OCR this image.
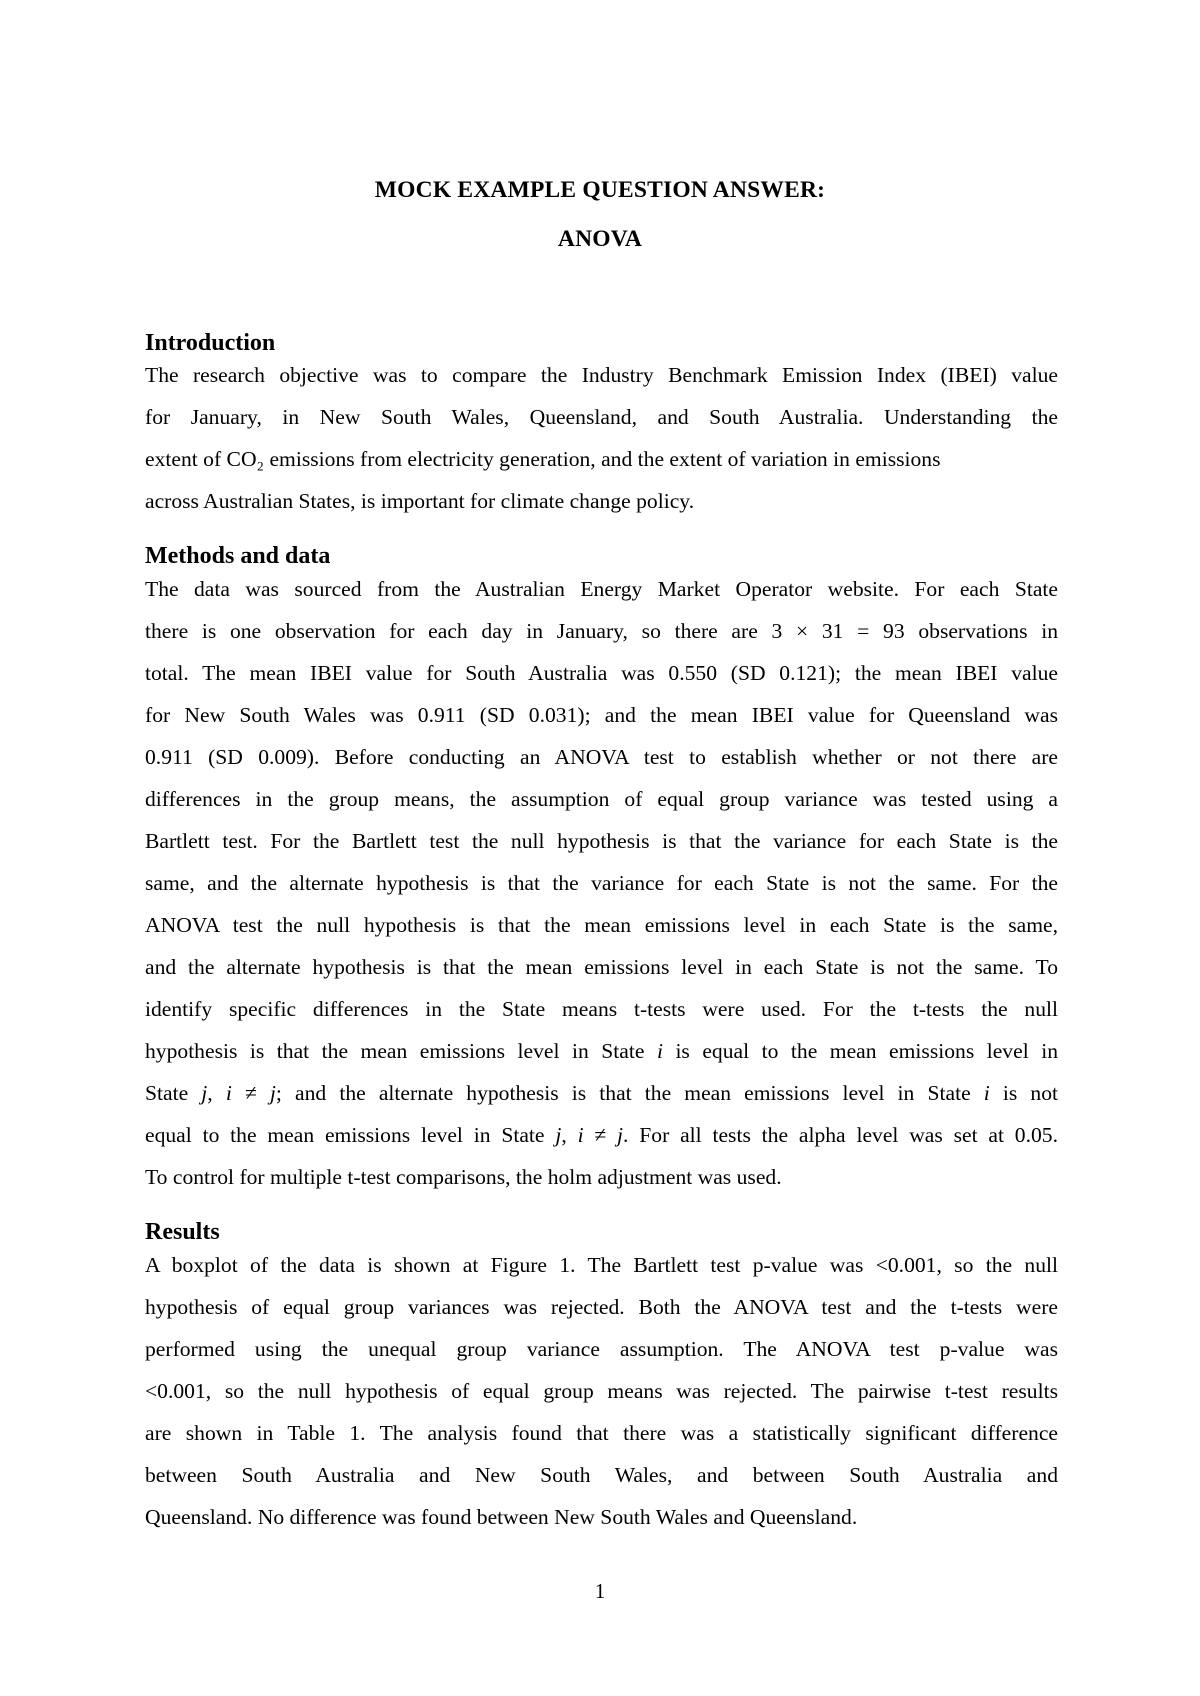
MOCK EXAMPLE QUESTION ANSWER:
ANOVA
Introduction
The research objective was to compare the Industry Benchmark Emission Index (IBEI) value
for January, in New South Wales, Queensland, and South Australia. Understanding the
extent of CO₂ emissions from electricity generation, and the extent of variation in emissions
across Australian States, is important for climate change policy.
Methods and data
The data was sourced from the Australian Energy Market Operator website. For each State
there is one observation for each day in January, so there are 3 × 31 = 93 observations in
total. The mean IBEI value for South Australia was 0.550 (SD 0.121); the mean IBEI value
for New South Wales was 0.911 (SD 0.031); and the mean IBEI value for Queensland was
0.911 (SD 0.009). Before conducting an ANOVA test to establish whether or not there are
differences in the group means, the assumption of equal group variance was tested using a
Bartlett test. For the Bartlett test the null hypothesis is that the variance for each State is the
same, and the alternate hypothesis is that the variance for each State is not the same. For the
ANOVA test the null hypothesis is that the mean emissions level in each State is the same,
and the alternate hypothesis is that the mean emissions level in each State is not the same. To
identify specific differences in the State means t-tests were used. For the t-tests the null
hypothesis is that the mean emissions level in State i is equal to the mean emissions level in
State j, i ≠ j; and the alternate hypothesis is that the mean emissions level in State i is not
equal to the mean emissions level in State j, i ≠ j. For all tests the alpha level was set at 0.05.
To control for multiple t-test comparisons, the holm adjustment was used.
Results
A boxplot of the data is shown at Figure 1. The Bartlett test p-value was <0.001, so the null
hypothesis of equal group variances was rejected. Both the ANOVA test and the t-tests were
performed using the unequal group variance assumption. The ANOVA test p-value was
<0.001, so the null hypothesis of equal group means was rejected. The pairwise t-test results
are shown in Table 1. The analysis found that there was a statistically significant difference
between South Australia and New South Wales, and between South Australia and
Queensland. No difference was found between New South Wales and Queensland.
1
